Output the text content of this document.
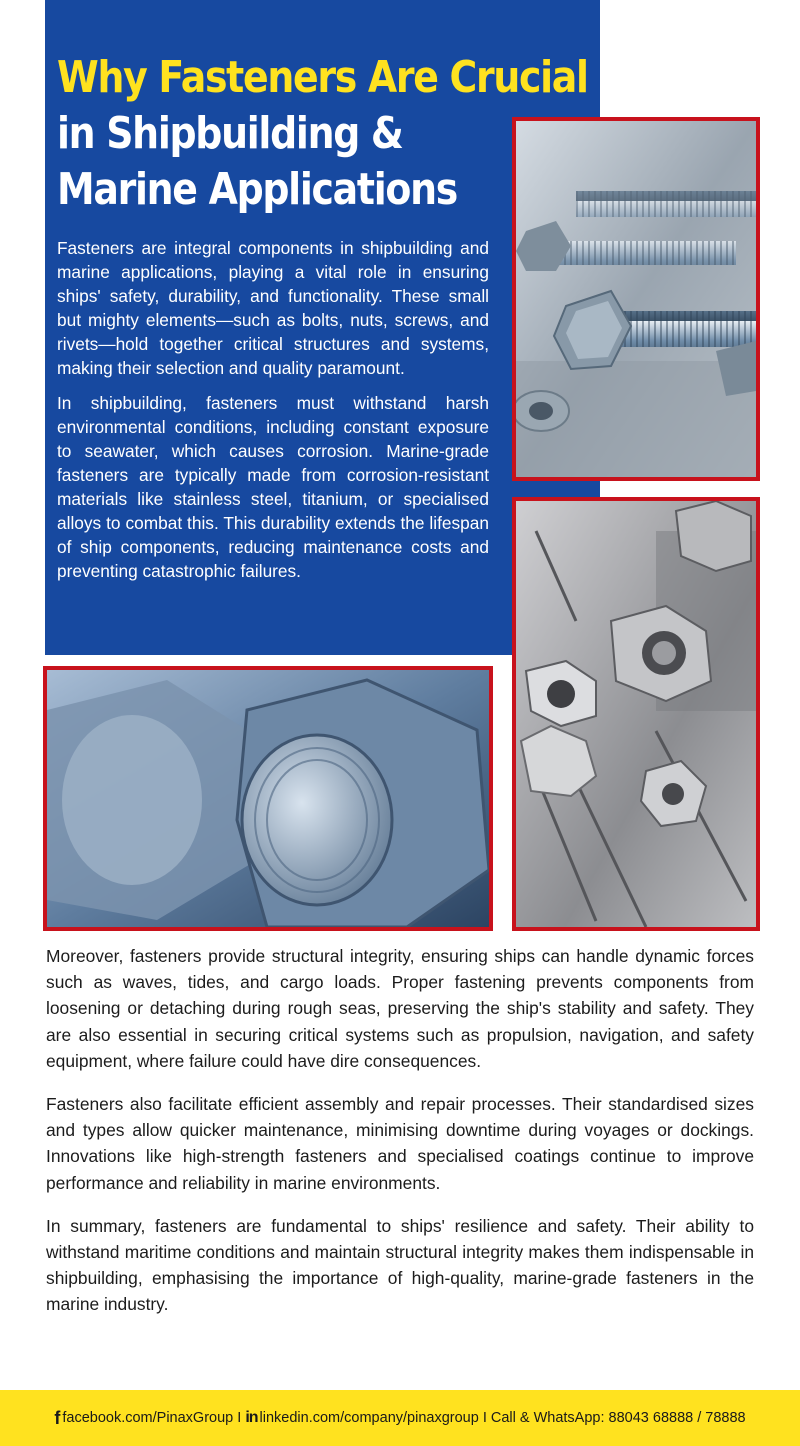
Why Fasteners Are Crucial
in Shipbuilding &
Marine Applications

Fasteners are integral components in shipbuilding and marine applications, playing a vital role in ensuring ships' safety, durability, and functionality. These small but mighty elements—such as bolts, nuts, screws, and rivets—hold together critical structures and systems, making their selection and quality paramount.

In shipbuilding, fasteners must withstand harsh environmental conditions, including constant exposure to seawater, which causes corrosion. Marine-grade fasteners are typically made from corrosion-resistant materials like stainless steel, titanium, or specialised alloys to combat this. This durability extends the lifespan of ship components, reducing maintenance costs and preventing catastrophic failures.

Moreover, fasteners provide structural integrity, ensuring ships can handle dynamic forces such as waves, tides, and cargo loads. Proper fastening prevents components from loosening or detaching during rough seas, preserving the ship's stability and safety. They are also essential in securing critical systems such as propulsion, navigation, and safety equipment, where failure could have dire consequences.

Fasteners also facilitate efficient assembly and repair processes. Their standardised sizes and types allow quicker maintenance, minimising downtime during voyages or dockings. Innovations like high-strength fasteners and specialised coatings continue to improve performance and reliability in marine environments.

In summary, fasteners are fundamental to ships' resilience and safety. Their ability to withstand maritime conditions and maintain structural integrity makes them indispensable in shipbuilding, emphasising the importance of high-quality, marine-grade fasteners in the marine industry.

f facebook.com/PinaxGroup I in linkedin.com/company/pinaxgroup I Call & WhatsApp: 88043 68888 / 78888
